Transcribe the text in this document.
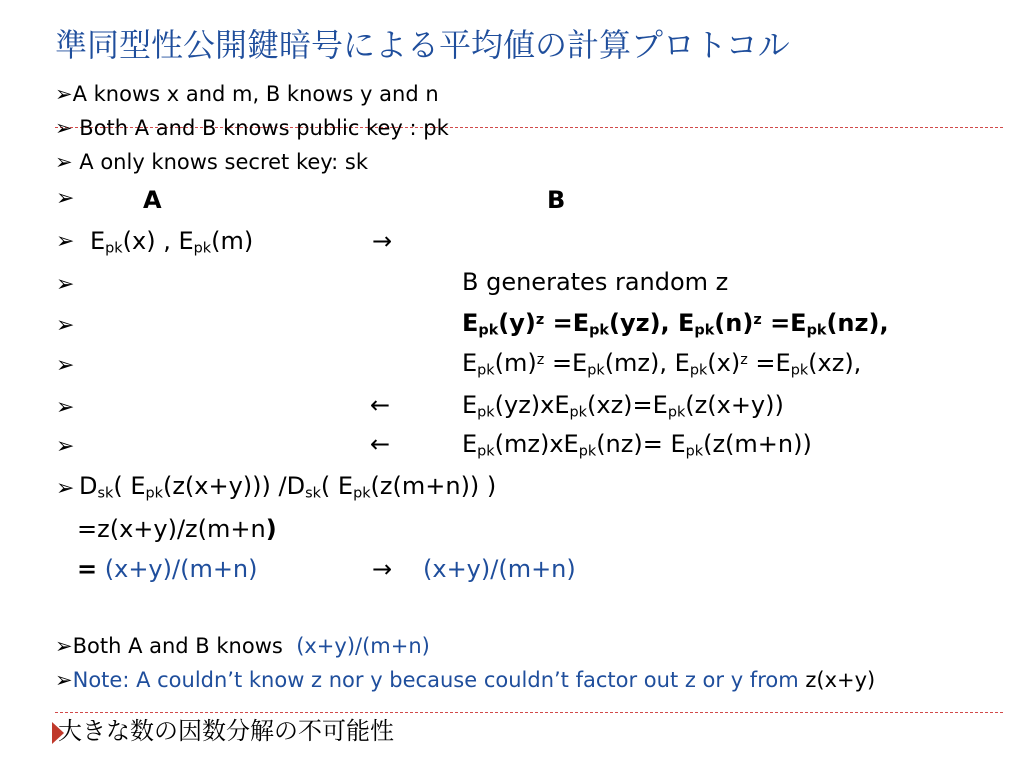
準同型性公開鍵暗号による平均値の計算プロトコル
➢A knows x and m, B knows y and n
➢ Both A and B knows public key : pk
➢ A only knows secret key: sk
➢	A	B
➢ $E_{pk}(x)$ , $E_{pk}(m)$	→
➢	B generates random z
➢	$E_{pk}(y)^z =E_{pk}(yz)$, $E_{pk}(n)^z =E_{pk}(nz)$,
➢	$E_{pk}(m)^z =E_{pk}(mz)$, $E_{pk}(x)^z =E_{pk}(xz)$,
➢	←	$E_{pk}(yz)xE_{pk}(xz)=E_{pk}(z(x+y))$
➢	←	$E_{pk}(mz)xE_{pk}(nz)= E_{pk}(z(m+n))$
➢ $D_{sk}$( $E_{pk}(z(x+y))$) $/D_{sk}$( $E_{pk}(z(m+n))$ )
=z(x+y)/z(m+n)
= (x+y)/(m+n)	→ (x+y)/(m+n)
➢Both A and B knows (x+y)/(m+n)
➢Note: A couldn’t know z nor y because couldn’t factor out z or y from z(x+y)
大きな数の因数分解の不可能性
